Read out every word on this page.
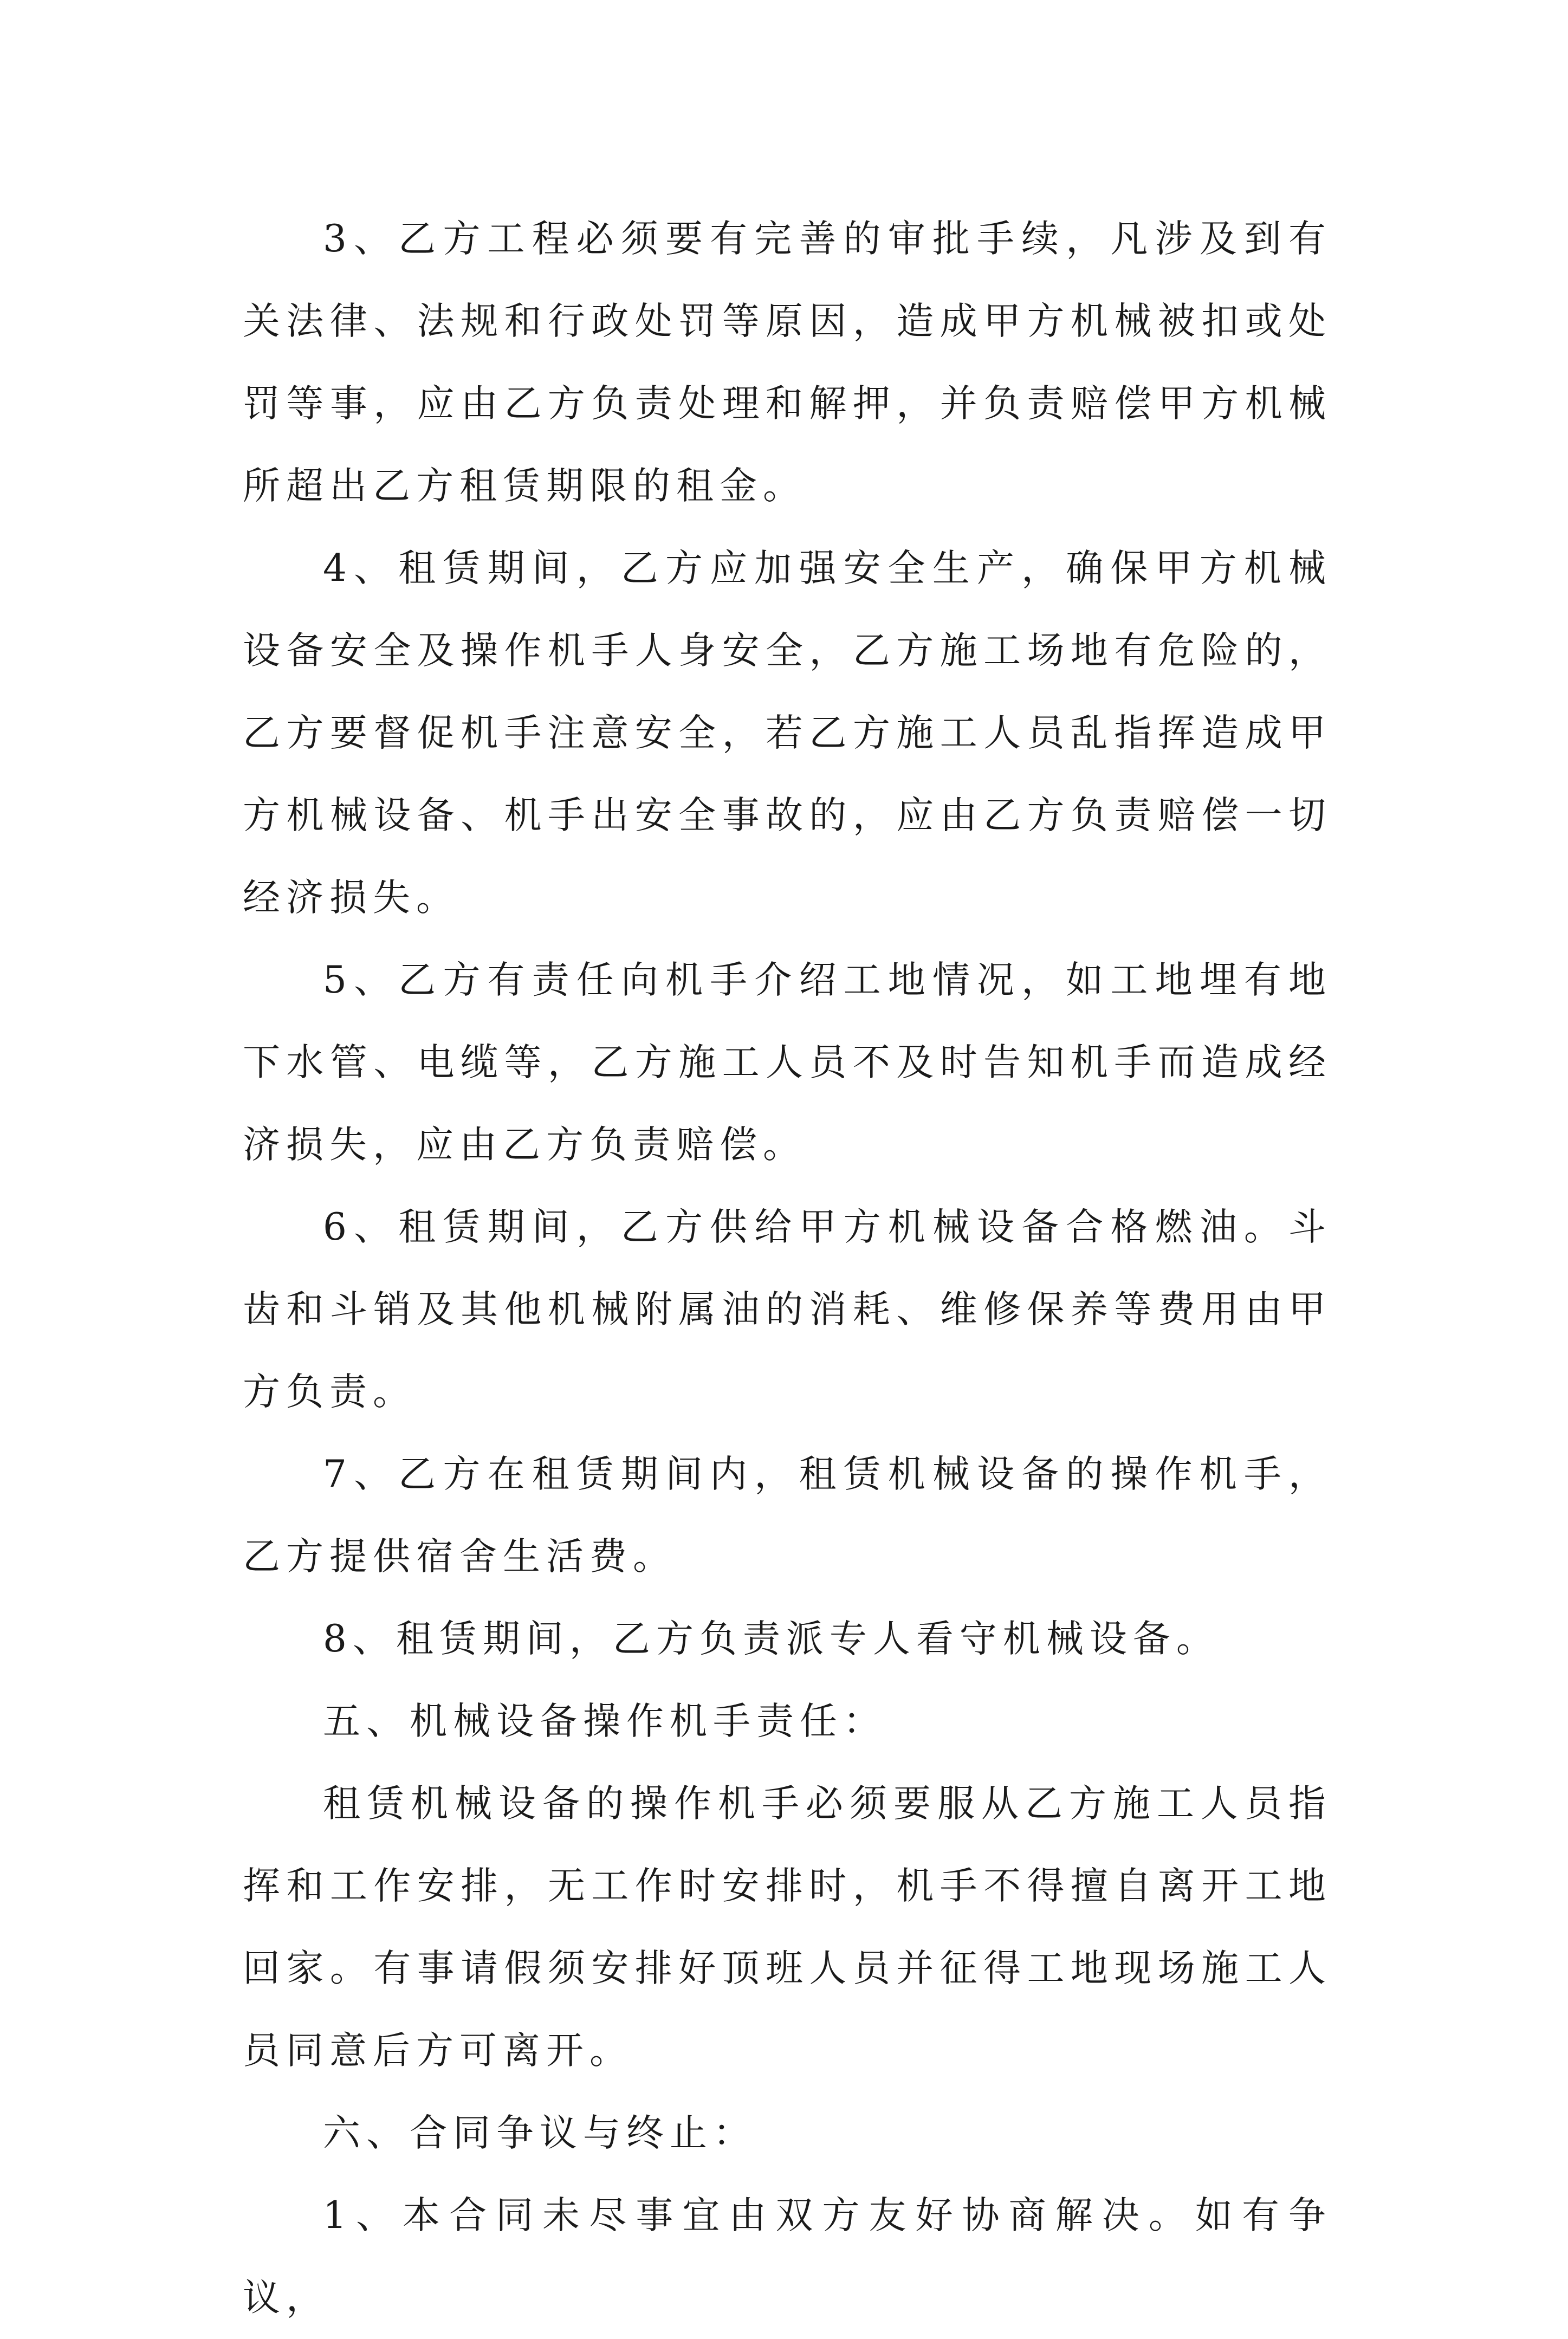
3、乙方工程必须要有完善的审批手续，凡涉及到有关法律、法规和行政处罚等原因，造成甲方机械被扣或处罚等事，应由乙方负责处理和解押，并负责赔偿甲方机械所超出乙方租赁期限的租金。

4、租赁期间，乙方应加强安全生产，确保甲方机械设备安全及操作机手人身安全，乙方施工场地有危险的，乙方要督促机手注意安全，若乙方施工人员乱指挥造成甲方机械设备、机手出安全事故的，应由乙方负责赔偿一切经济损失。

5、乙方有责任向机手介绍工地情况，如工地埋有地下水管、电缆等，乙方施工人员不及时告知机手而造成经济损失，应由乙方负责赔偿。

6、租赁期间，乙方供给甲方机械设备合格燃油。斗齿和斗销及其他机械附属油的消耗、维修保养等费用由甲方负责。

7、乙方在租赁期间内，租赁机械设备的操作机手，乙方提供宿舍生活费。

8、租赁期间，乙方负责派专人看守机械设备。

五、机械设备操作机手责任：

租赁机械设备的操作机手必须要服从乙方施工人员指挥和工作安排，无工作时安排时，机手不得擅自离开工地回家。有事请假须安排好顶班人员并征得工地现场施工人员同意后方可离开。

六、合同争议与终止：

1、本合同未尽事宜由双方友好协商解决。如有争议，
